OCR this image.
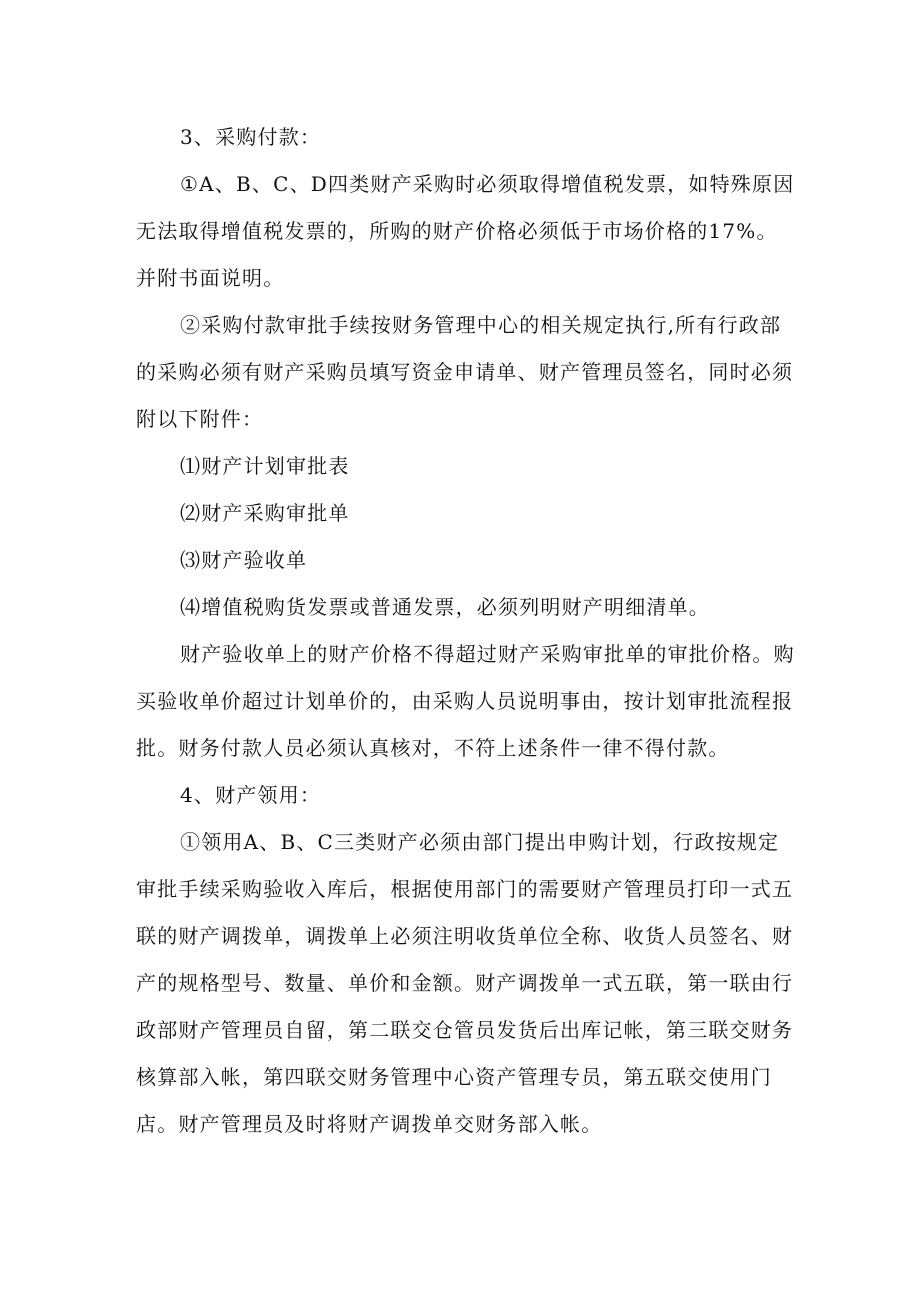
3、采购付款：

①A、B、C、D四类财产采购时必须取得增值税发票，如特殊原因无法取得增值税发票的，所购的财产价格必须低于市场价格的17%。并附书面说明。

②采购付款审批手续按财务管理中心的相关规定执行,所有行政部的采购必须有财产采购员填写资金申请单、财产管理员签名，同时必须附以下附件：

⑴财产计划审批表

⑵财产采购审批单

⑶财产验收单

⑷增值税购货发票或普通发票，必须列明财产明细清单。

财产验收单上的财产价格不得超过财产采购审批单的审批价格。购买验收单价超过计划单价的，由采购人员说明事由，按计划审批流程报批。财务付款人员必须认真核对，不符上述条件一律不得付款。

4、财产领用：

①领用A、B、C三类财产必须由部门提出申购计划，行政按规定审批手续采购验收入库后，根据使用部门的需要财产管理员打印一式五联的财产调拨单，调拨单上必须注明收货单位全称、收货人员签名、财产的规格型号、数量、单价和金额。财产调拨单一式五联，第一联由行政部财产管理员自留，第二联交仓管员发货后出库记帐，第三联交财务核算部入帐，第四联交财务管理中心资产管理专员，第五联交使用门店。财产管理员及时将财产调拨单交财务部入帐。
